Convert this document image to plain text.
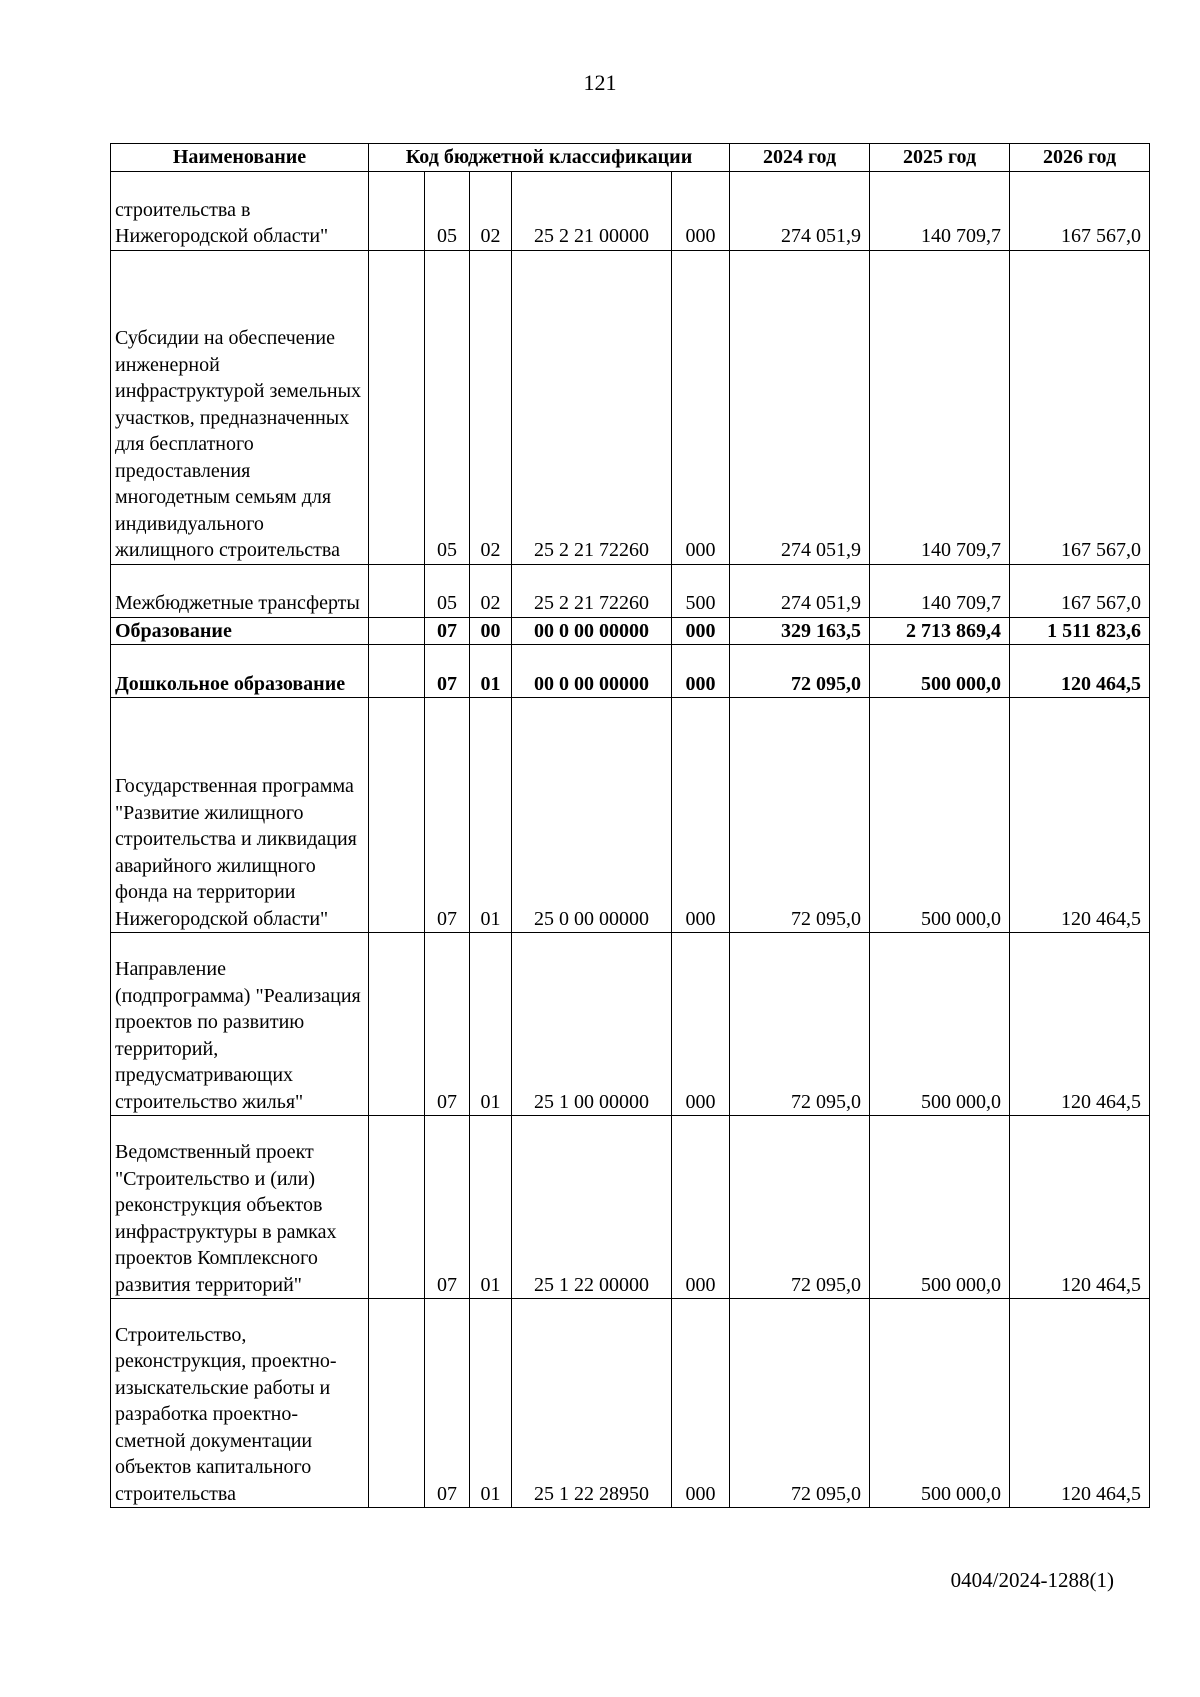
121
Наименование	Код бюджетной классификации					2024 год	2025 год	2026 год
строительства в Нижегородской области"		05	02	25 2 21 00000	000	274 051,9	140 709,7	167 567,0
Субсидии на обеспечение инженерной инфраструктурой земельных участков, предназначенных для бесплатного предоставления многодетным семьям для индивидуального жилищного строительства		05	02	25 2 21 72260	000	274 051,9	140 709,7	167 567,0
Межбюджетные трансферты		05	02	25 2 21 72260	500	274 051,9	140 709,7	167 567,0
Образование		07	00	00 0 00 00000	000	329 163,5	2 713 869,4	1 511 823,6
Дошкольное образование		07	01	00 0 00 00000	000	72 095,0	500 000,0	120 464,5
Государственная программа "Развитие жилищного строительства и ликвидация аварийного жилищного фонда на территории Нижегородской области"		07	01	25 0 00 00000	000	72 095,0	500 000,0	120 464,5
Направление (подпрограмма) "Реализация проектов по развитию территорий, предусматривающих строительство жилья"		07	01	25 1 00 00000	000	72 095,0	500 000,0	120 464,5
Ведомственный проект "Строительство и (или) реконструкция объектов инфраструктуры в рамках проектов Комплексного развития территорий"		07	01	25 1 22 00000	000	72 095,0	500 000,0	120 464,5
Строительство, реконструкция, проектно-изыскательские работы и разработка проектно-сметной документации объектов капитального строительства		07	01	25 1 22 28950	000	72 095,0	500 000,0	120 464,5
0404/2024-1288(1)
